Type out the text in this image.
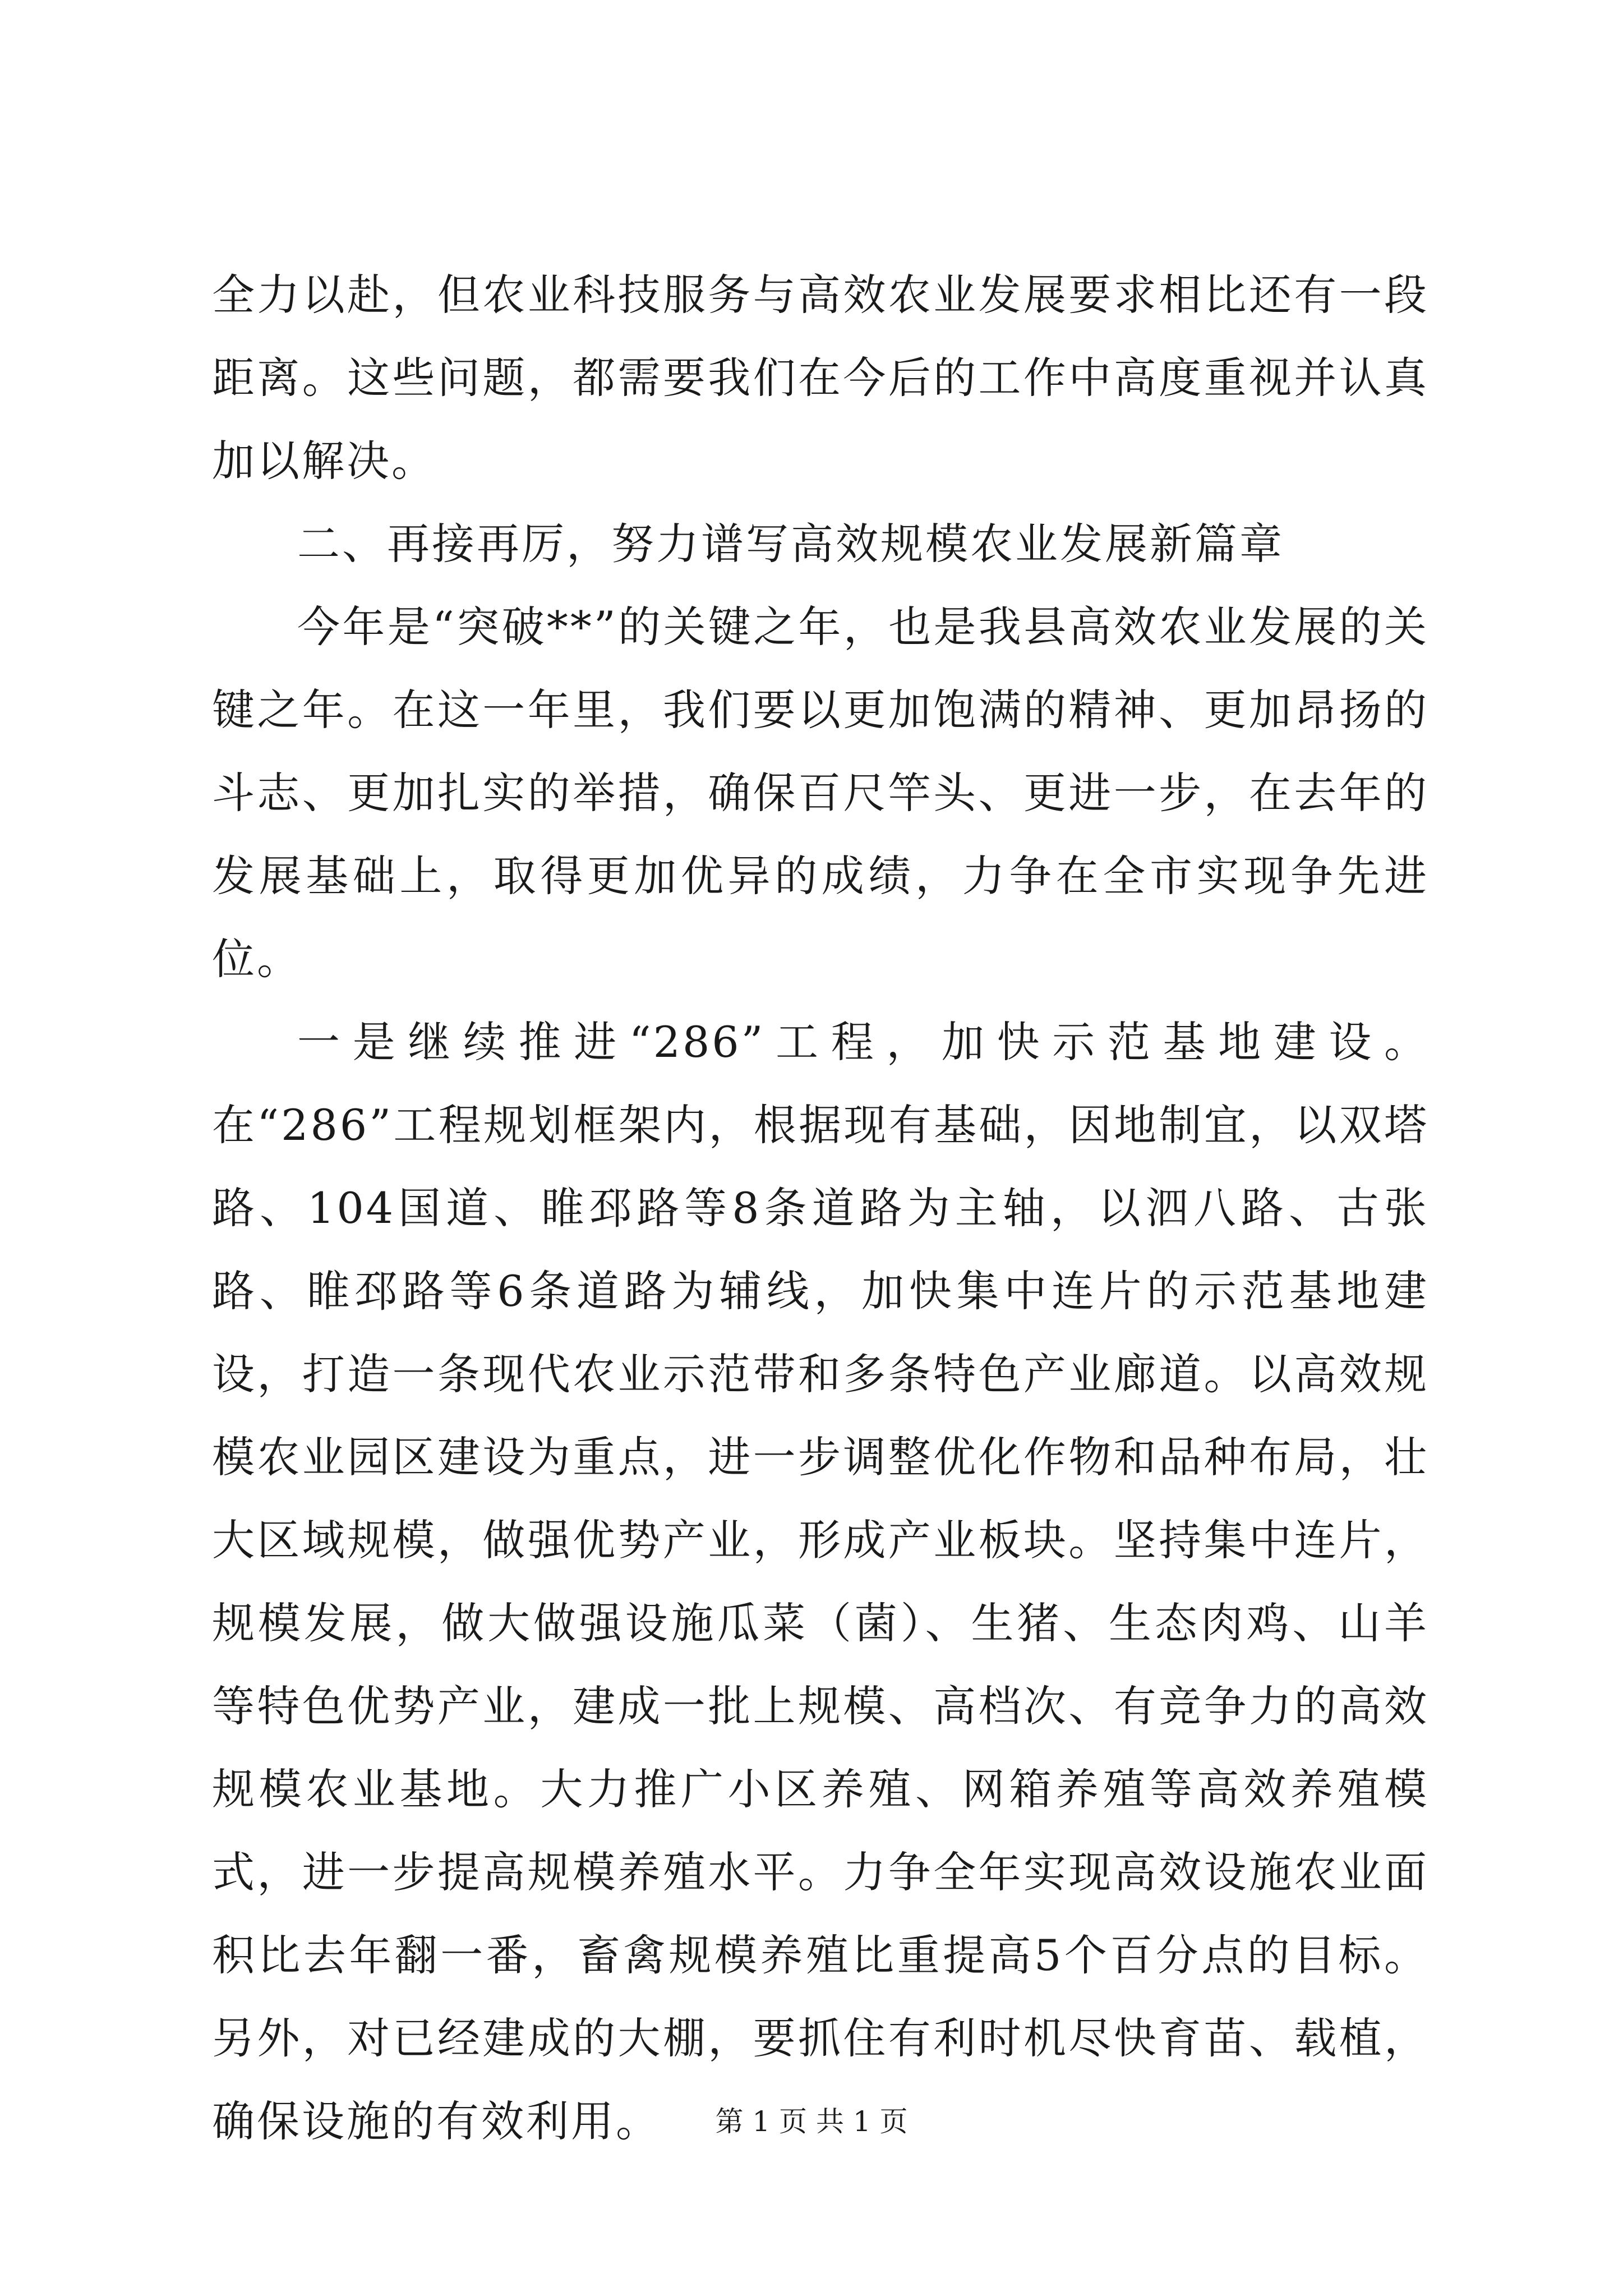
全力以赴，但农业科技服务与高效农业发展要求相比还有一段距离。这些问题，都需要我们在今后的工作中高度重视并认真加以解决。

二、再接再厉，努力谱写高效规模农业发展新篇章

今年是“突破**”的关键之年，也是我县高效农业发展的关键之年。在这一年里，我们要以更加饱满的精神、更加昂扬的斗志、更加扎实的举措，确保百尺竿头、更进一步，在去年的发展基础上，取得更加优异的成绩，力争在全市实现争先进位。

一是继续推进“286”工程，加快示范基地建设。在“286”工程规划框架内，根据现有基础，因地制宜，以双塔路、104国道、睢邳路等8条道路为主轴，以泗八路、古张路、睢邳路等6条道路为辅线，加快集中连片的示范基地建设，打造一条现代农业示范带和多条特色产业廊道。以高效规模农业园区建设为重点，进一步调整优化作物和品种布局，壮大区域规模，做强优势产业，形成产业板块。坚持集中连片，规模发展，做大做强设施瓜菜（菌）、生猪、生态肉鸡、山羊等特色优势产业，建成一批上规模、高档次、有竞争力的高效规模农业基地。大力推广小区养殖、网箱养殖等高效养殖模式，进一步提高规模养殖水平。力争全年实现高效设施农业面积比去年翻一番，畜禽规模养殖比重提高5个百分点的目标。另外，对已经建成的大棚，要抓住有利时机尽快育苗、载植，确保设施的有效利用。	第 1 页 共 1 页
